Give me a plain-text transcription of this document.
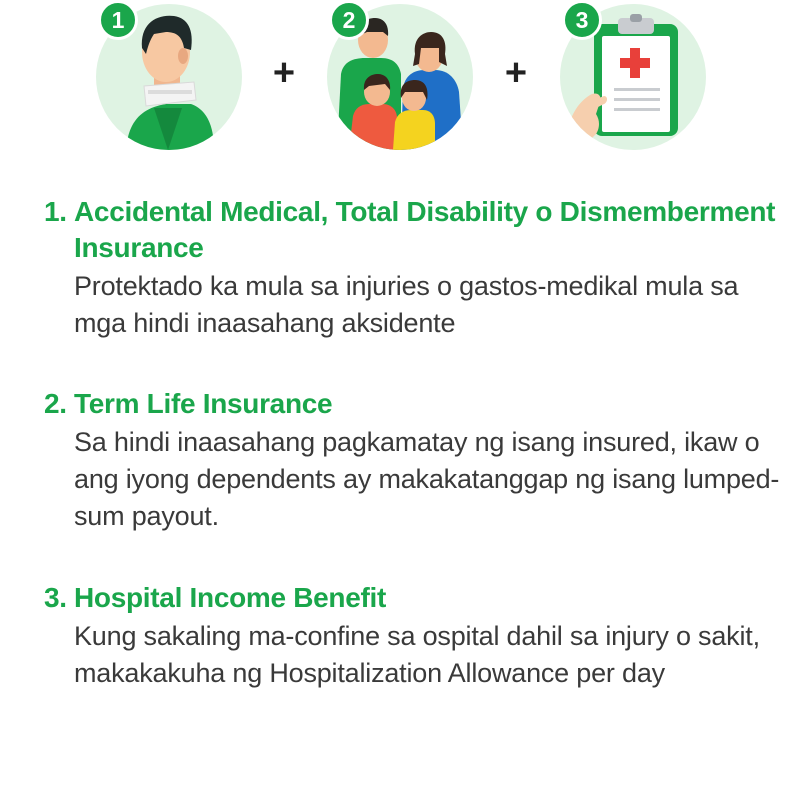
1
+
2
+
3
1. Accidental Medical, Total Disability o Dismemberment Insurance

Protektado ka mula sa injuries o gastos-medikal mula sa mga hindi inaasahang aksidente

2. Term Life Insurance

Sa hindi inaasahang pagkamatay ng isang insured, ikaw o ang iyong dependents ay makakatanggap ng isang lumped-sum payout.

3. Hospital Income Benefit

Kung sakaling ma-confine sa ospital dahil sa injury o sakit, makakakuha ng Hospitalization Allowance per day
